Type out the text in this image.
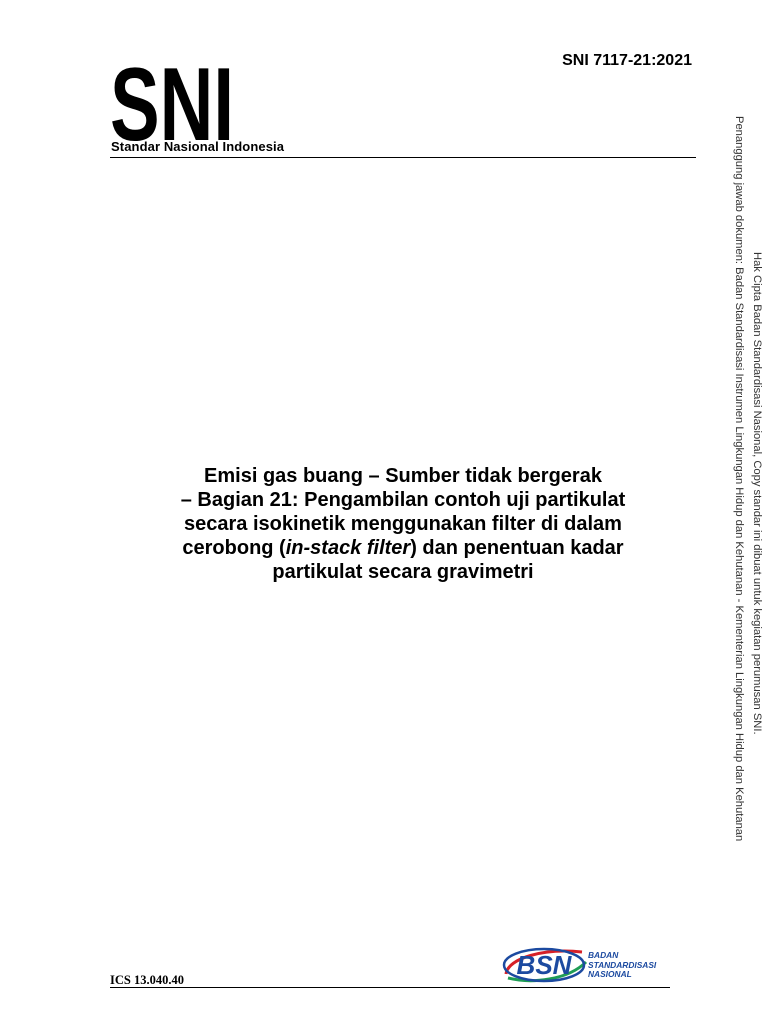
SNI 7117-21:2021
SNI
Standar Nasional Indonesia
Emisi gas buang – Sumber tidak bergerak
– Bagian 21: Pengambilan contoh uji partikulat
secara isokinetik menggunakan filter di dalam
cerobong (in-stack filter) dan penentuan kadar
partikulat secara gravimetri	Hak Cipta Badan Standardisasi Nasional, Copy standar ini dibuat untuk kegiatan perumusan SNI.
Penanggung jawab dokumen: Badan Standardisasi Instrumen Lingkungan Hidup dan Kehutanan - Kementerian Lingkungan Hidup dan Kehutanan
ICS 13.040.40	BSN BADAN
STANDARDISASI
NASIONAL
